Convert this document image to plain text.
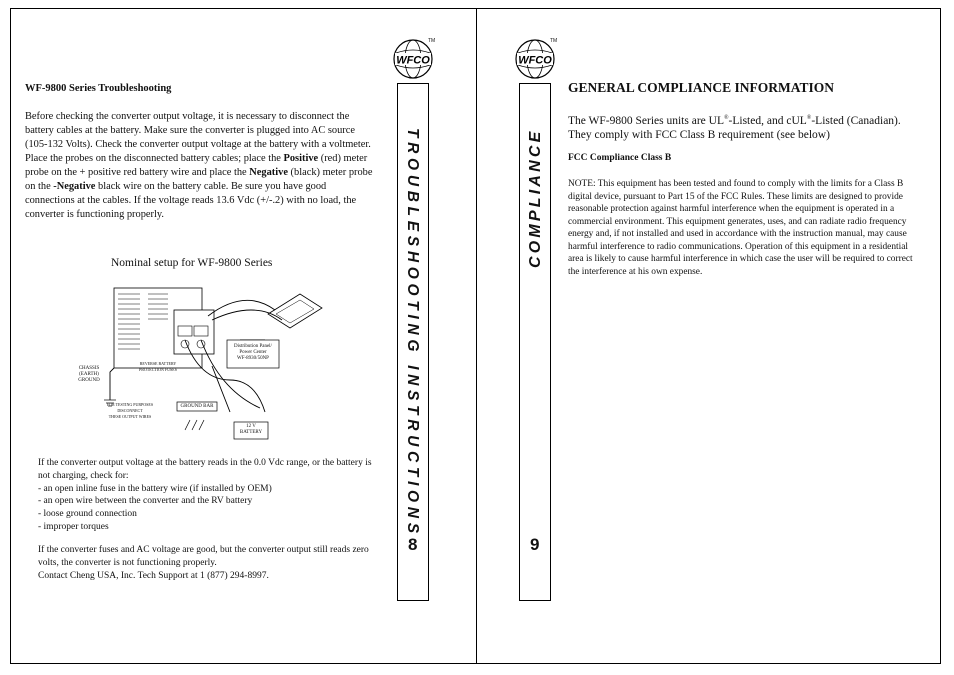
WFCO
TM
WF-9800 Series Troubleshooting
Before checking the converter output voltage, it is necessary to disconnect the battery cables at the battery. Make sure the converter is plugged into AC source (105-132 Volts). Check the converter output voltage at the battery with a voltmeter. Place the probes on the disconnected battery cables; place the Positive (red) meter probe on the + positive red battery wire and place the Negative (black) meter probe on the -Negative black wire on the battery cable. Be sure you have good connections at the cables. If the voltage reads 13.6 Vdc (+/-.2) with no load, the converter is functioning properly.
Nominal setup for WF-9800 Series
CHASSIS
(EARTH)
GROUND
REVERSE BATTERY
PROTECTION FUSES
FOR TESTING PURPOSES
DISCONNECT
THESE OUTPUT WIRES
GROUND BAR
Distribution Panel/
Power Center
WF-8930/50NP
12 V
BATTERY
If the converter output voltage at the battery reads in the 0.0 Vdc range, or the battery is not charging, check for:
- an open inline fuse in the battery wire (if installed by OEM)
- an open wire between the converter and the RV battery
- loose ground connection
- improper torques
If the converter fuses and AC voltage are good, but the converter output still reads zero volts, the converter is not functioning properly.
Contact Cheng USA, Inc. Tech Support at 1 (877) 294-8997.
TROUBLESHOOTING INSTRUCTIONS
8
WFCO
TM
GENERAL COMPLIANCE INFORMATION
The WF-9800 Series units are UL®-Listed, and cUL®-Listed (Canadian).
They comply with FCC Class B requirement (see below)
FCC Compliance Class B
NOTE: This equipment has been tested and found to comply with the limits for a Class B digital device, pursuant to Part 15 of the FCC Rules. These limits are designed to provide reasonable protection against harmful interference when the equipment is operated in a commercial environment. This equipment generates, uses, and can radiate radio frequency energy and, if not installed and used in accordance with the instruction manual, may cause harmful interference to radio communications. Operation of this equipment in a residential area is likely to cause harmful interference in which case the user will be required to correct the interference at his own expense.
COMPLIANCE
9
